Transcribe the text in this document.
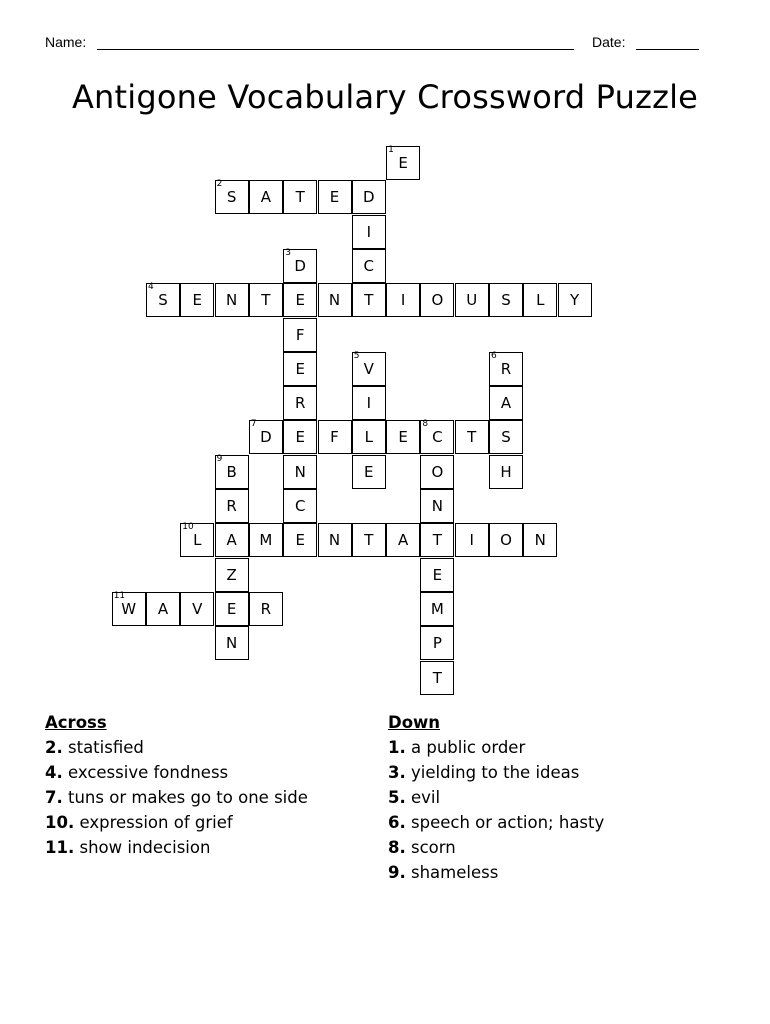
Name:	Date:
Antigone Vocabulary Crossword Puzzle
1
E
2
S	A	T	E	D
I
3
D	C
4
S	E	N	T	E	N	T	I	O	U	S	L	Y
F
E
5
V
6
R
R	I	A
7
D	E	F	L	E
8
C	T	S
9
B	N	E	O	H
R	C	N
10
L	A	M	E	N	T	A	T	I	O	N
Z	E
11
W	A	V	E	R	M
N	P
T
Across
2. statisfied
4. excessive fondness
7. tuns or makes go to one side
10. expression of grief
11. show indecision
Down
1. a public order
3. yielding to the ideas
5. evil
6. speech or action; hasty
8. scorn
9. shameless
